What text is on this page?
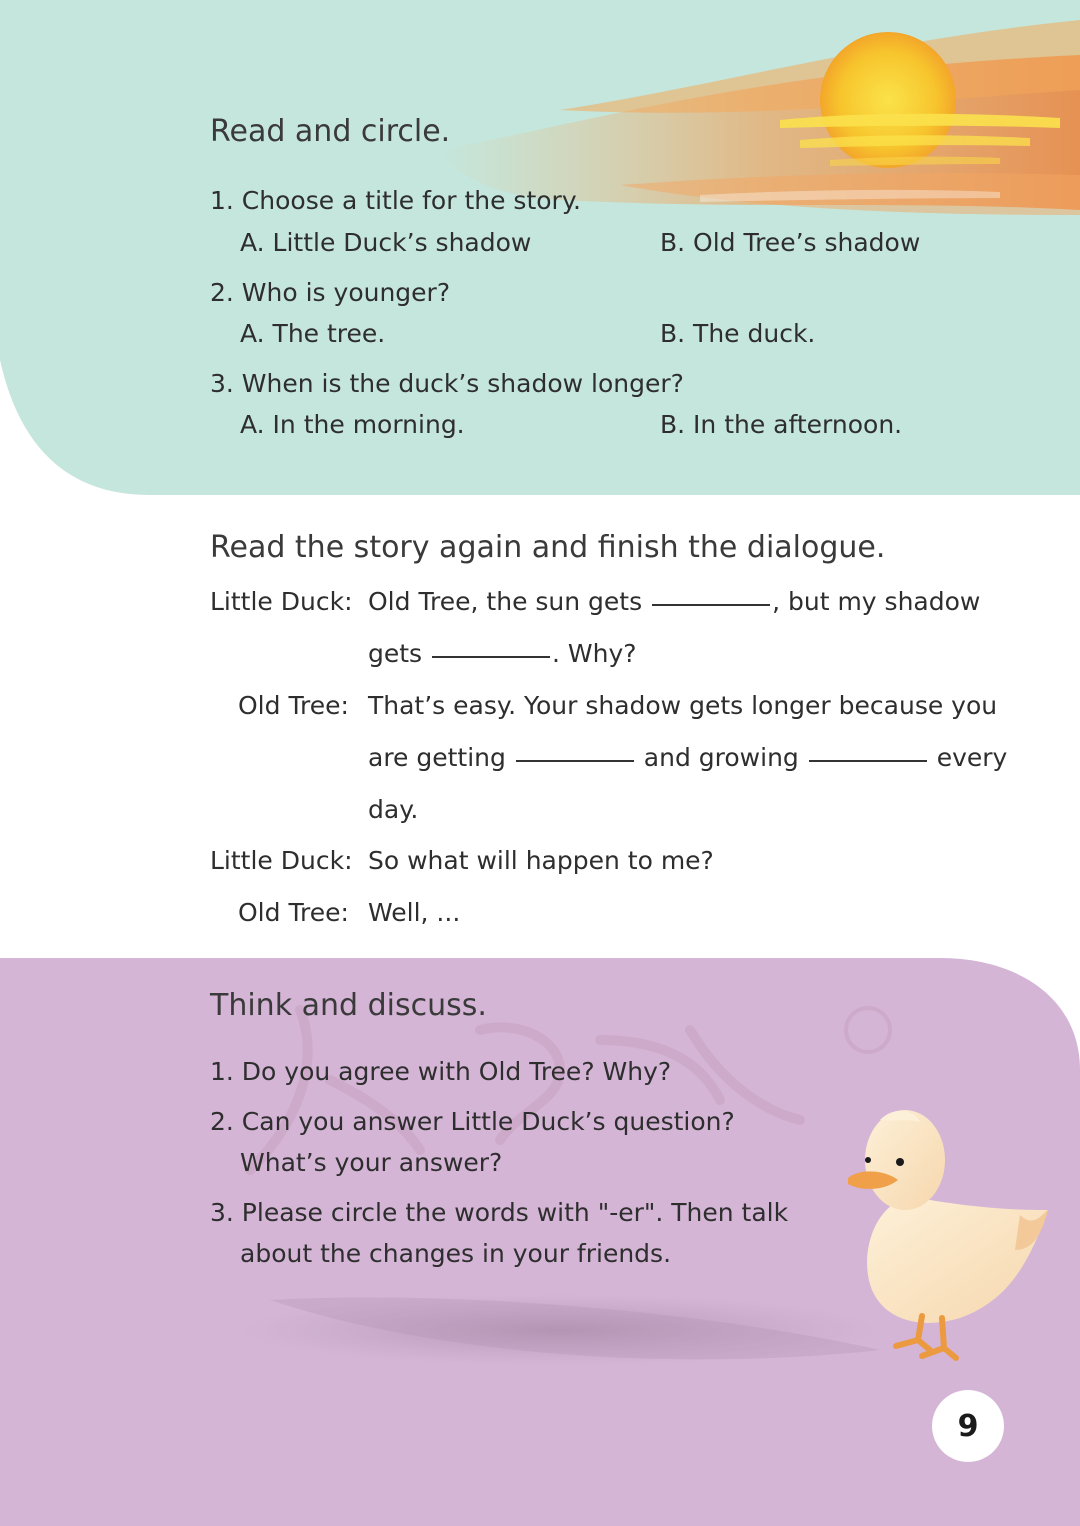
Read and circle.
1. Choose a title for the story.
A. Little Duck’s shadow	B. Old Tree’s shadow
2. Who is younger?
A. The tree.	B. The duck.
3. When is the duck’s shadow longer?
A. In the morning.	B. In the afternoon.
Read the story again and finish the dialogue.
Little Duck: Old Tree, the sun gets	, but my shadow
gets	. Why?
Old Tree: That’s easy. Your shadow gets longer because you
are getting	and growing	every
day.
Little Duck: So what will happen to me?
Old Tree: Well, ...
Think and discuss.
1. Do you agree with Old Tree? Why?
2. Can you answer Little Duck’s question?
What’s your answer?
3. Please circle the words with "-er". Then talk
about the changes in your friends.
9
